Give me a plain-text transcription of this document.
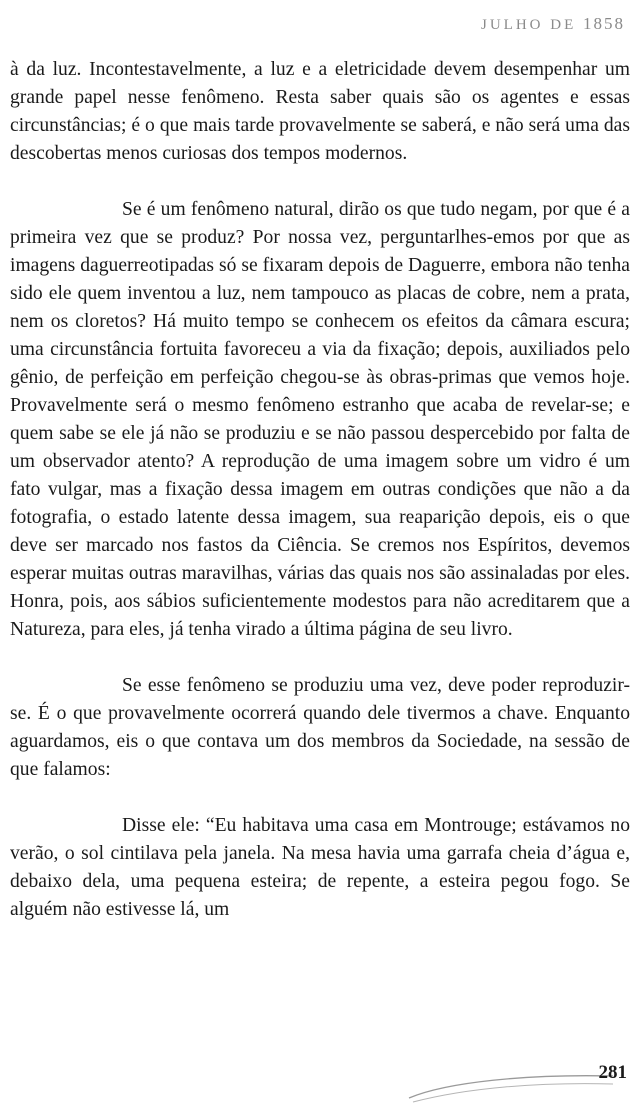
JULHO DE 1858

à da luz. Incontestavelmente, a luz e a eletricidade devem desempenhar um grande papel nesse fenômeno. Resta saber quais são os agentes e essas circunstâncias; é o que mais tarde provavelmente se saberá, e não será uma das descobertas menos curiosas dos tempos modernos.

Se é um fenômeno natural, dirão os que tudo negam, por que é a primeira vez que se produz? Por nossa vez, perguntarlhes-emos por que as imagens daguerreotipadas só se fixaram depois de Daguerre, embora não tenha sido ele quem inventou a luz, nem tampouco as placas de cobre, nem a prata, nem os cloretos? Há muito tempo se conhecem os efeitos da câmara escura; uma circunstância fortuita favoreceu a via da fixação; depois, auxiliados pelo gênio, de perfeição em perfeição chegou-se às obras-primas que vemos hoje. Provavelmente será o mesmo fenômeno estranho que acaba de revelar-se; e quem sabe se ele já não se produziu e se não passou despercebido por falta de um observador atento? A reprodução de uma imagem sobre um vidro é um fato vulgar, mas a fixação dessa imagem em outras condições que não a da fotografia, o estado latente dessa imagem, sua reaparição depois, eis o que deve ser marcado nos fastos da Ciência. Se cremos nos Espíritos, devemos esperar muitas outras maravilhas, várias das quais nos são assinaladas por eles. Honra, pois, aos sábios suficientemente modestos para não acreditarem que a Natureza, para eles, já tenha virado a última página de seu livro.

Se esse fenômeno se produziu uma vez, deve poder reproduzir-se. É o que provavelmente ocorrerá quando dele tivermos a chave. Enquanto aguardamos, eis o que contava um dos membros da Sociedade, na sessão de que falamos:

Disse ele: “Eu habitava uma casa em Montrouge; estávamos no verão, o sol cintilava pela janela. Na mesa havia uma garrafa cheia d’água e, debaixo dela, uma pequena esteira; de repente, a esteira pegou fogo. Se alguém não estivesse lá, um

281
